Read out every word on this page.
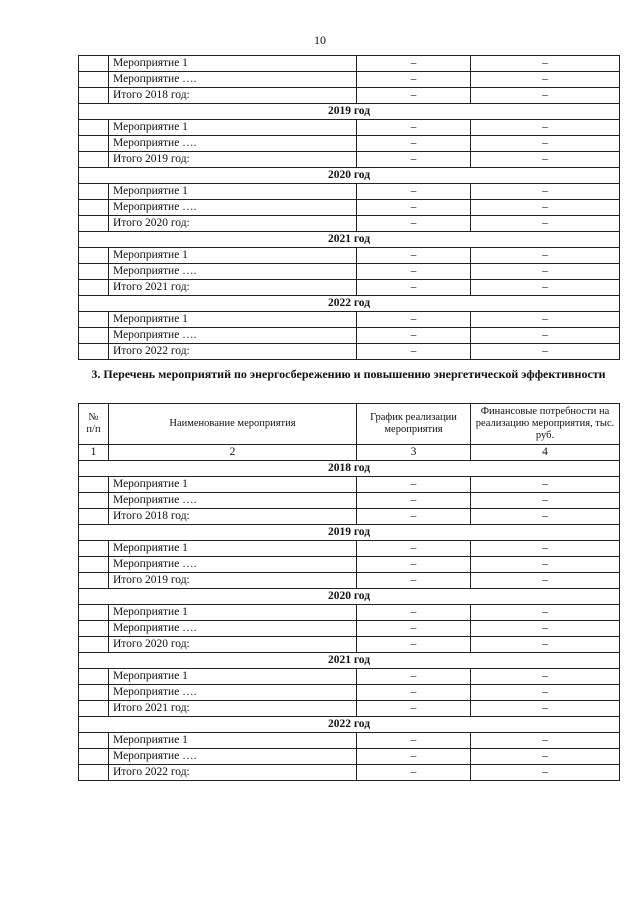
10
	Мероприятие 1	–	–
	Мероприятие ….	–	–
	Итого 2018 год:	–	–
2019 год			
	Мероприятие 1	–	–
	Мероприятие ….	–	–
	Итого 2019 год:	–	–
2020 год			
	Мероприятие 1	–	–
	Мероприятие ….	–	–
	Итого 2020 год:	–	–
2021 год			
	Мероприятие 1	–	–
	Мероприятие ….	–	–
	Итого 2021 год:	–	–
2022 год			
	Мероприятие 1	–	–
	Мероприятие ….	–	–
	Итого 2022 год:	–	–
3. Перечень мероприятий по энергосбережению и повышению энергетической эффективности
№ п/п	Наименование мероприятия	График реализации мероприятия	Финансовые потребности на реализацию мероприятия, тыс. руб.
1	2	3	4
2018 год			
	Мероприятие 1	–	–
	Мероприятие ….	–	–
	Итого 2018 год:	–	–
2019 год			
	Мероприятие 1	–	–
	Мероприятие ….	–	–
	Итого 2019 год:	–	–
2020 год			
	Мероприятие 1	–	–
	Мероприятие ….	–	–
	Итого 2020 год:	–	–
2021 год			
	Мероприятие 1	–	–
	Мероприятие ….	–	–
	Итого 2021 год:	–	–
2022 год			
	Мероприятие 1	–	–
	Мероприятие ….	–	–
	Итого 2022 год:	–	–
